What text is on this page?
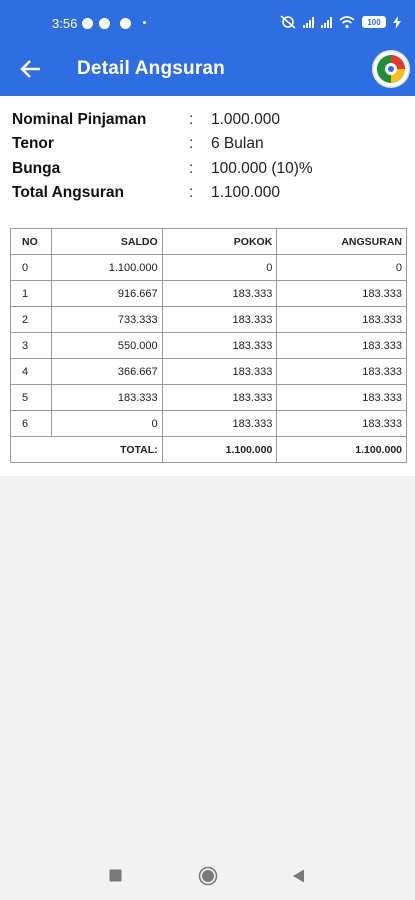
3:56	100
Detail Angsuran
Nominal Pinjaman	: 1.000.000
Tenor	: 6 Bulan
Bunga	: 100.000 (10)%
Total Angsuran	: 1.100.000
NO	SALDO	POKOK	ANGSURAN
0	1.100.000	0	0
1	916.667	183.333	183.333
2	733.333	183.333	183.333
3	550.000	183.333	183.333
4	366.667	183.333	183.333
5	183.333	183.333	183.333
6	0	183.333	183.333
TOTAL:		1.100.000	1.100.000
